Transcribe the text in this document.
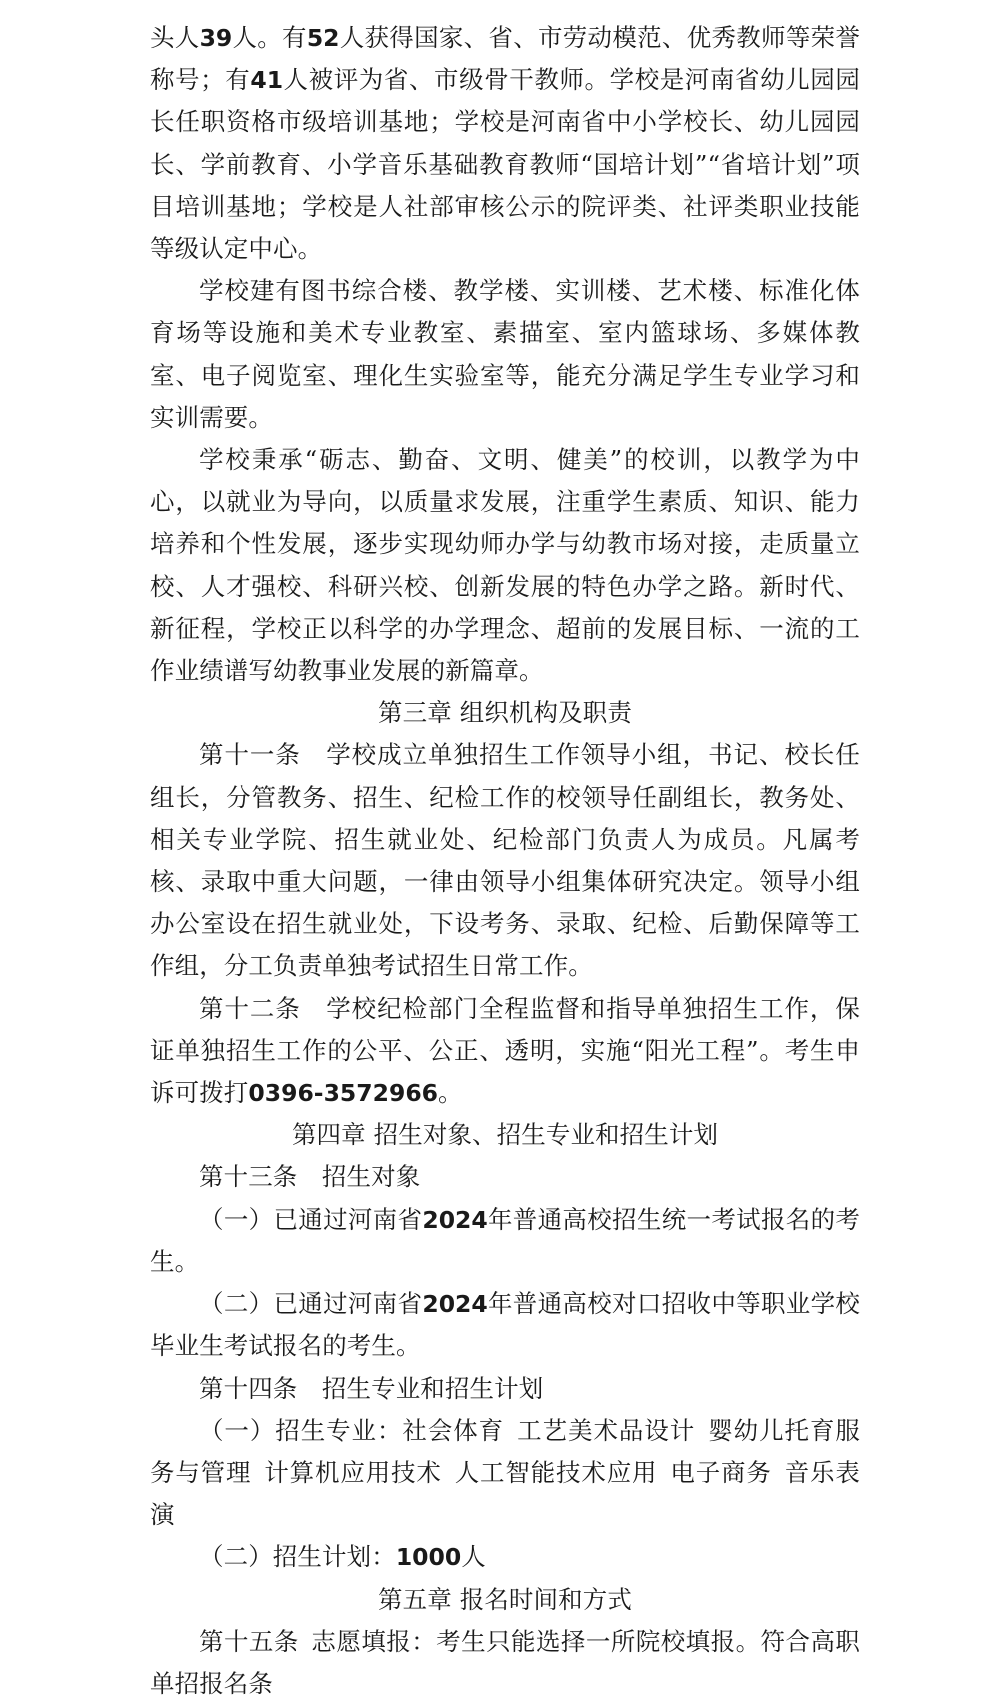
头人39人。有52人获得国家、省、市劳动模范、优秀教师等荣誉称号；有41人被评为省、市级骨干教师。学校是河南省幼儿园园长任职资格市级培训基地；学校是河南省中小学校长、幼儿园园长、学前教育、小学音乐基础教育教师“国培计划”“省培计划”项目培训基地；学校是人社部审核公示的院评类、社评类职业技能等级认定中心。

学校建有图书综合楼、教学楼、实训楼、艺术楼、标准化体育场等设施和美术专业教室、素描室、室内篮球场、多媒体教室、电子阅览室、理化生实验室等，能充分满足学生专业学习和实训需要。

学校秉承“砺志、勤奋、文明、健美”的校训，以教学为中心，以就业为导向，以质量求发展，注重学生素质、知识、能力培养和个性发展，逐步实现幼师办学与幼教市场对接，走质量立校、人才强校、科研兴校、创新发展的特色办学之路。新时代、新征程，学校正以科学的办学理念、超前的发展目标、一流的工作业绩谱写幼教事业发展的新篇章。

第三章 组织机构及职责

第十一条 学校成立单独招生工作领导小组，书记、校长任组长，分管教务、招生、纪检工作的校领导任副组长，教务处、相关专业学院、招生就业处、纪检部门负责人为成员。凡属考核、录取中重大问题，一律由领导小组集体研究决定。领导小组办公室设在招生就业处，下设考务、录取、纪检、后勤保障等工作组，分工负责单独考试招生日常工作。

第十二条 学校纪检部门全程监督和指导单独招生工作，保证单独招生工作的公平、公正、透明，实施“阳光工程”。考生申诉可拨打0396-3572966。

第四章 招生对象、招生专业和招生计划

第十三条 招生对象

（一）已通过河南省2024年普通高校招生统一考试报名的考生。

（二）已通过河南省2024年普通高校对口招收中等职业学校毕业生考试报名的考生。

第十四条 招生专业和招生计划

（一）招生专业：社会体育 工艺美术品设计 婴幼儿托育服务与管理 计算机应用技术 人工智能技术应用 电子商务 音乐表演

（二）招生计划：1000人

第五章 报名时间和方式

第十五条 志愿填报：考生只能选择一所院校填报。符合高职单招报名条
